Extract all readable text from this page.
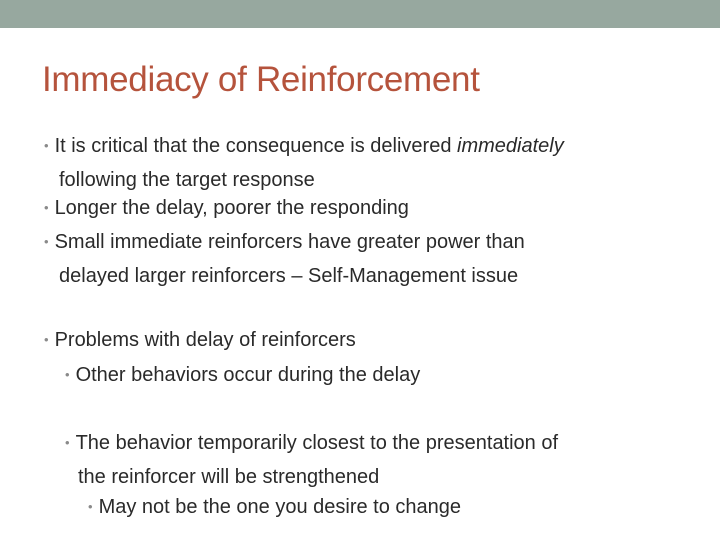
Immediacy of Reinforcement
• It is critical that the consequence is delivered immediately
following the target response
• Longer the delay, poorer the responding
• Small immediate reinforcers have greater power than
delayed larger reinforcers – Self-Management issue
• Problems with delay of reinforcers
• Other behaviors occur during the delay
• The behavior temporarily closest to the presentation of
the reinforcer will be strengthened
• May not be the one you desire to change
